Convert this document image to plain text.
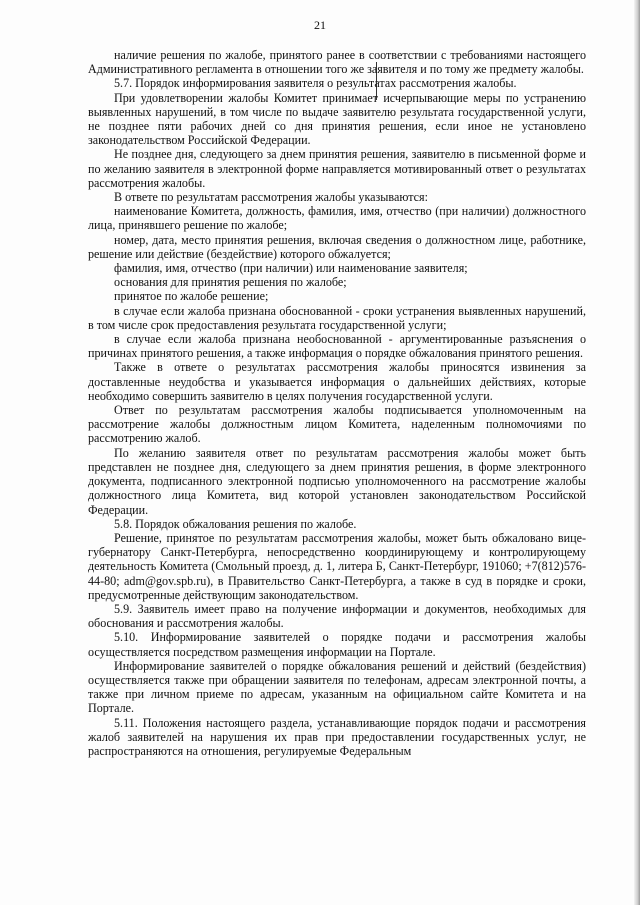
21

наличие решения по жалобе, принятого ранее в соответствии с требованиями настоящего Административного регламента в отношении того же заявителя и по тому же предмету жалобы.

5.7. Порядок информирования заявителя о результатах рассмотрения жалобы.

При удовлетворении жалобы Комитет принимает исчерпывающие меры по устранению выявленных нарушений, в том числе по выдаче заявителю результата государственной услуги, не позднее пяти рабочих дней со дня принятия решения, если иное не установлено законодательством Российской Федерации.

Не позднее дня, следующего за днем принятия решения, заявителю в письменной форме и по желанию заявителя в электронной форме направляется мотивированный ответ о результатах рассмотрения жалобы.

В ответе по результатам рассмотрения жалобы указываются:

наименование Комитета, должность, фамилия, имя, отчество (при наличии) должностного лица, принявшего решение по жалобе;

номер, дата, место принятия решения, включая сведения о должностном лице, работнике, решение или действие (бездействие) которого обжалуется;

фамилия, имя, отчество (при наличии) или наименование заявителя;

основания для принятия решения по жалобе;

принятое по жалобе решение;

в случае если жалоба признана обоснованной - сроки устранения выявленных нарушений, в том числе срок предоставления результата государственной услуги;

в случае если жалоба признана необоснованной - аргументированные разъяснения о причинах принятого решения, а также информация о порядке обжалования принятого решения.

Также в ответе о результатах рассмотрения жалобы приносятся извинения за доставленные неудобства и указывается информация о дальнейших действиях, которые необходимо совершить заявителю в целях получения государственной услуги.

Ответ по результатам рассмотрения жалобы подписывается уполномоченным на рассмотрение жалобы должностным лицом Комитета, наделенным полномочиями по рассмотрению жалоб.

По желанию заявителя ответ по результатам рассмотрения жалобы может быть представлен не позднее дня, следующего за днем принятия решения, в форме электронного документа, подписанного электронной подписью уполномоченного на рассмотрение жалобы должностного лица Комитета, вид которой установлен законодательством Российской Федерации.

5.8. Порядок обжалования решения по жалобе.

Решение, принятое по результатам рассмотрения жалобы, может быть обжаловано вице-губернатору Санкт-Петербурга, непосредственно координирующему и контролирующему деятельность Комитета (Смольный проезд, д. 1, литера Б, Санкт-Петербург, 191060; +7(812)576-44-80; adm@gov.spb.ru), в Правительство Санкт-Петербурга, а также в суд в порядке и сроки, предусмотренные действующим законодательством.

5.9. Заявитель имеет право на получение информации и документов, необходимых для обоснования и рассмотрения жалобы.

5.10. Информирование заявителей о порядке подачи и рассмотрения жалобы осуществляется посредством размещения информации на Портале.

Информирование заявителей о порядке обжалования решений и действий (бездействия) осуществляется также при обращении заявителя по телефонам, адресам электронной почты, а также при личном приеме по адресам, указанным на официальном сайте Комитета и на Портале.

5.11. Положения настоящего раздела, устанавливающие порядок подачи и рассмотрения жалоб заявителей на нарушения их прав при предоставлении государственных услуг, не распространяются на отношения, регулируемые Федеральным
